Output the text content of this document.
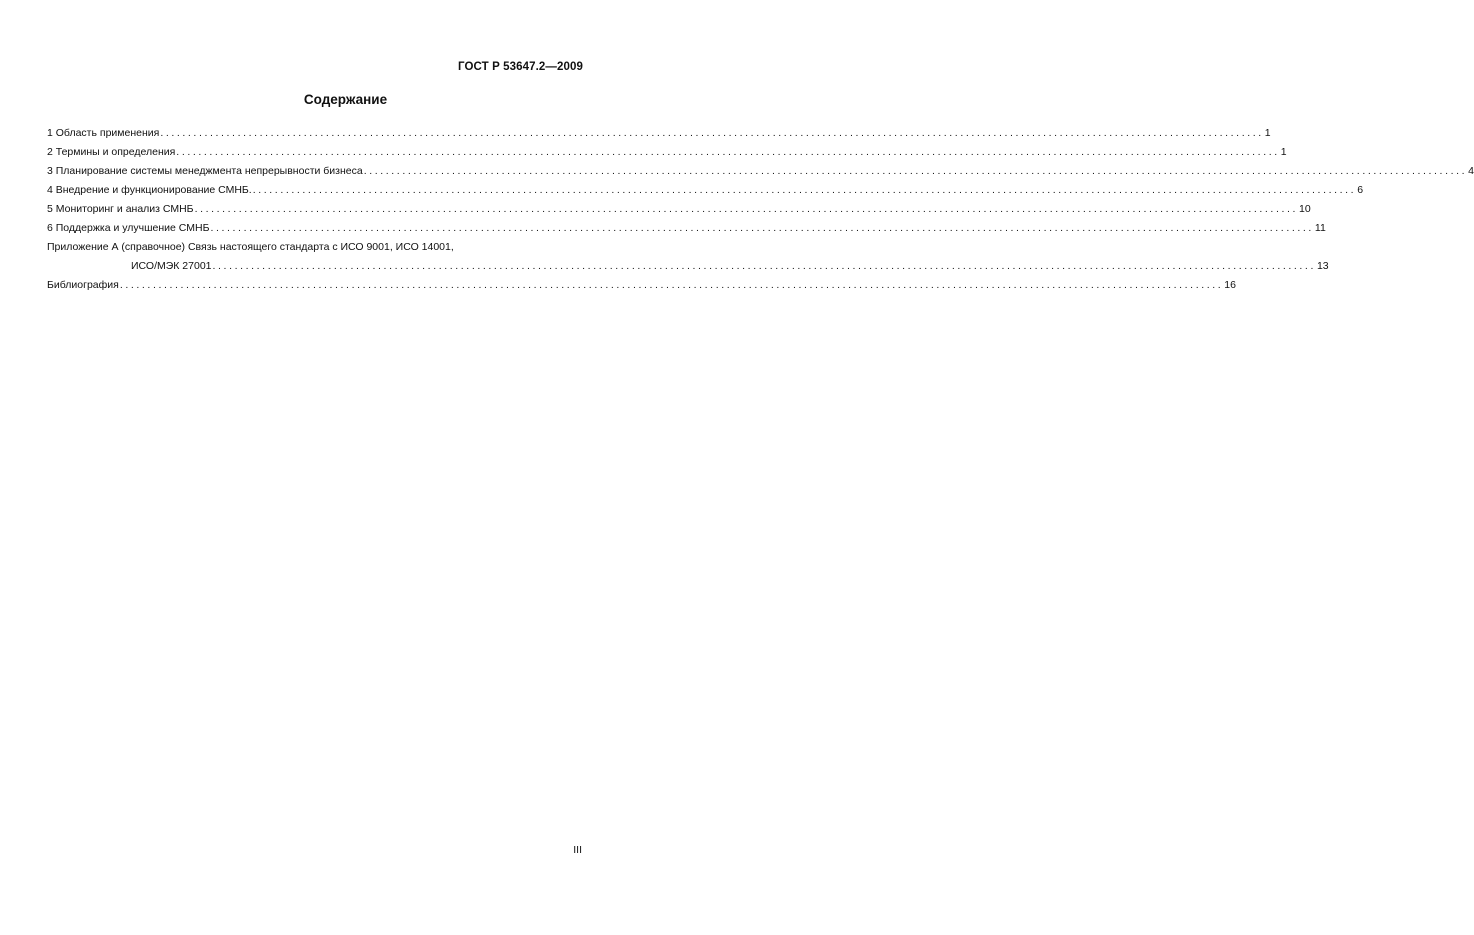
ГОСТ Р 53647.2—2009
Содержание
1 Область применения ........................................................................................................................................................................................................ 1
2 Термины и определения ........................................................................................................................................................................................................ 1
3 Планирование системы менеджмента непрерывности бизнеса ........................................................................................................................................................................................................ 4
4 Внедрение и функционирование СМНБ. ........................................................................................................................................................................................................ 6
5 Мониторинг и анализ СМНБ ........................................................................................................................................................................................................ 10
6 Поддержка и улучшение СМНБ ........................................................................................................................................................................................................ 11
Приложение А (справочное) Связь настоящего стандарта с ИСО 9001, ИСО 14001,
ИСО/МЭК 27001 ........................................................................................................................................................................................................ 13
Библиография ........................................................................................................................................................................................................ 16
III
